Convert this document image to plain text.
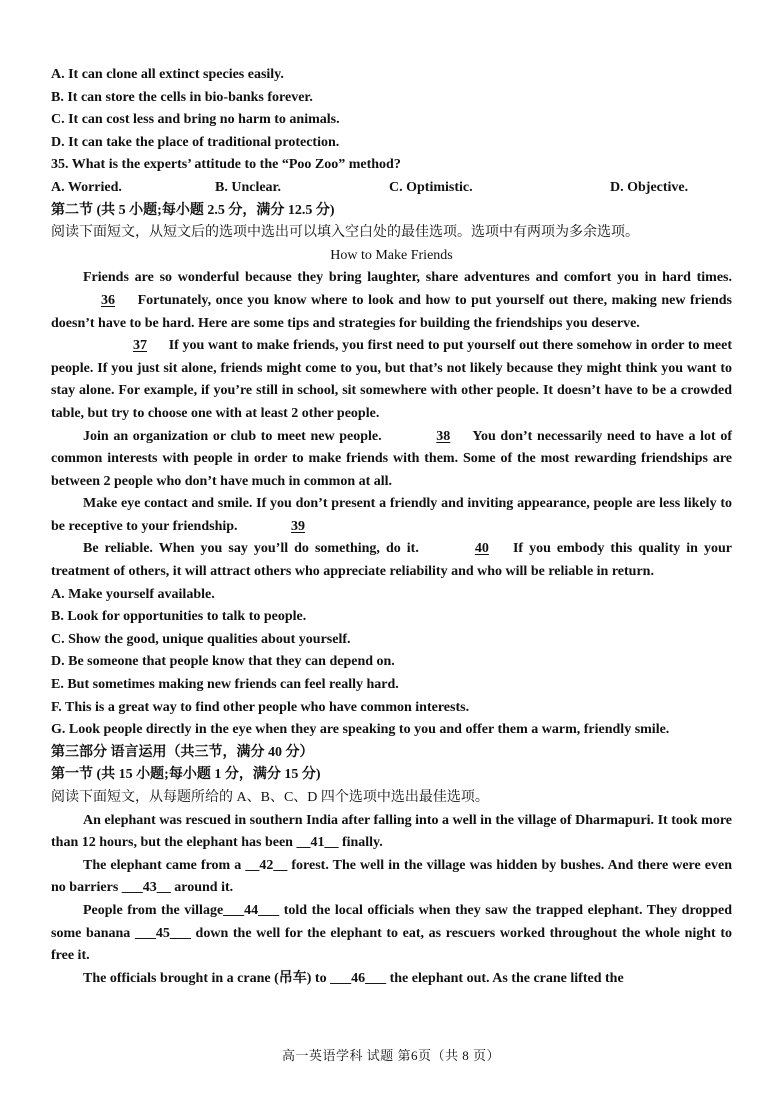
A. It can clone all extinct species easily.

B. It can store the cells in bio-banks forever.

C. It can cost less and bring no harm to animals.

D. It can take the place of traditional protection.

35. What is the experts’ attitude to the “Poo Zoo” method?

A. Worried.	B. Unclear.	C. Optimistic.	D. Objective.

第二节 (共 5 小题;每小题 2.5 分，满分 12.5 分)

阅读下面短文，从短文后的选项中选出可以填入空白处的最佳选项。选项中有两项为多余选项。

How to Make Friends

Friends are so wonderful because they bring laughter, share adventures and comfort you in hard times. 36 Fortunately, once you know where to look and how to put yourself out there, making new friends doesn’t have to be hard. Here are some tips and strategies for building the friendships you deserve.

37 If you want to make friends, you first need to put yourself out there somehow in order to meet people. If you just sit alone, friends might come to you, but that’s not likely because they might think you want to stay alone. For example, if you’re still in school, sit somewhere with other people. It doesn’t have to be a crowded table, but try to choose one with at least 2 other people.

Join an organization or club to meet new people.	38 You don’t necessarily need to have a lot of common interests with people in order to make friends with them. Some of the most rewarding friendships are between 2 people who don’t have much in common at all.

Make eye contact and smile. If you don’t present a friendly and inviting appearance, people are less likely to be receptive to your friendship.	39

Be reliable. When you say you’ll do something, do it.	40 If you embody this quality in your treatment of others, it will attract others who appreciate reliability and who will be reliable in return.

A. Make yourself available.

B. Look for opportunities to talk to people.

C. Show the good, unique qualities about yourself.

D. Be someone that people know that they can depend on.

E. But sometimes making new friends can feel really hard.

F. This is a great way to find other people who have common interests.

G. Look people directly in the eye when they are speaking to you and offer them a warm, friendly smile.

第三部分 语言运用（共三节，满分 40 分）

第一节 (共 15 小题;每小题 1 分，满分 15 分)

阅读下面短文，从每题所给的 A、B、C、D 四个选项中选出最佳选项。

An elephant was rescued in southern India after falling into a well in the village of Dharmapuri. It took more than 12 hours, but the elephant has been __41__ finally.

The elephant came from a __42__ forest. The well in the village was hidden by bushes. And there were even no barriers ___43__ around it.

People from the village___44___ told the local officials when they saw the trapped elephant. They dropped some banana ___45___ down the well for the elephant to eat, as rescuers worked throughout the whole night to free it.

The officials brought in a crane (吊车) to ___46___ the elephant out. As the crane lifted the

高一英语学科 试题 第6页（共 8 页）
